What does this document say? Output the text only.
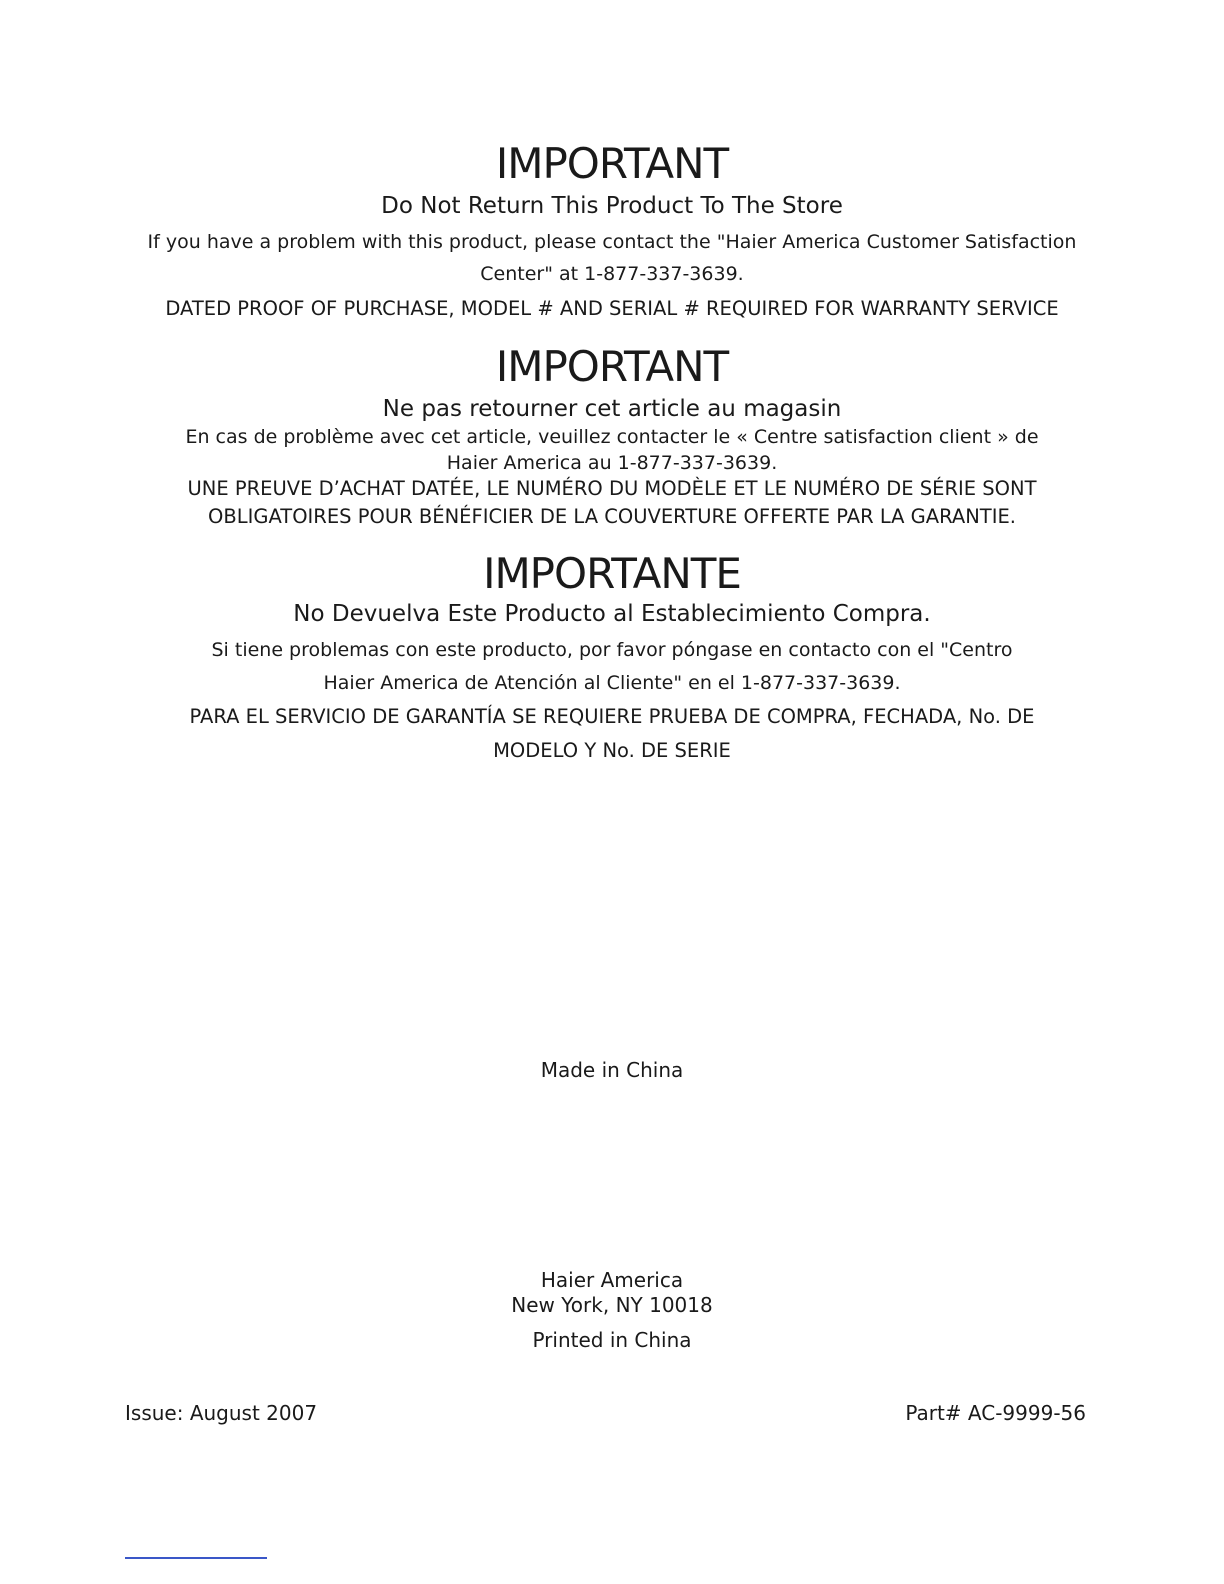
IMPORTANT
Do Not Return This Product To The Store
If you have a problem with this product, please contact the "Haier America Customer Satisfaction
Center" at 1-877-337-3639.
DATED PROOF OF PURCHASE, MODEL # AND SERIAL # REQUIRED FOR WARRANTY SERVICE
IMPORTANT
Ne pas retourner cet article au magasin
En cas de problème avec cet article, veuillez contacter le « Centre satisfaction client » de
Haier America au 1-877-337-3639.
UNE PREUVE D’ACHAT DATÉE, LE NUMÉRO DU MODÈLE ET LE NUMÉRO DE SÉRIE SONT
OBLIGATOIRES POUR BÉNÉFICIER DE LA COUVERTURE OFFERTE PAR LA GARANTIE.
IMPORTANTE
No Devuelva Este Producto al Establecimiento Compra.
Si tiene problemas con este producto, por favor póngase en contacto con el "Centro
Haier America de Atención al Cliente" en el 1-877-337-3639.
PARA EL SERVICIO DE GARANTÍA SE REQUIERE PRUEBA DE COMPRA, FECHADA, No. DE
MODELO Y No. DE SERIE
Made in China
Haier America
New York, NY 10018
Printed in China
Issue: August 2007	Part# AC-9999-56
